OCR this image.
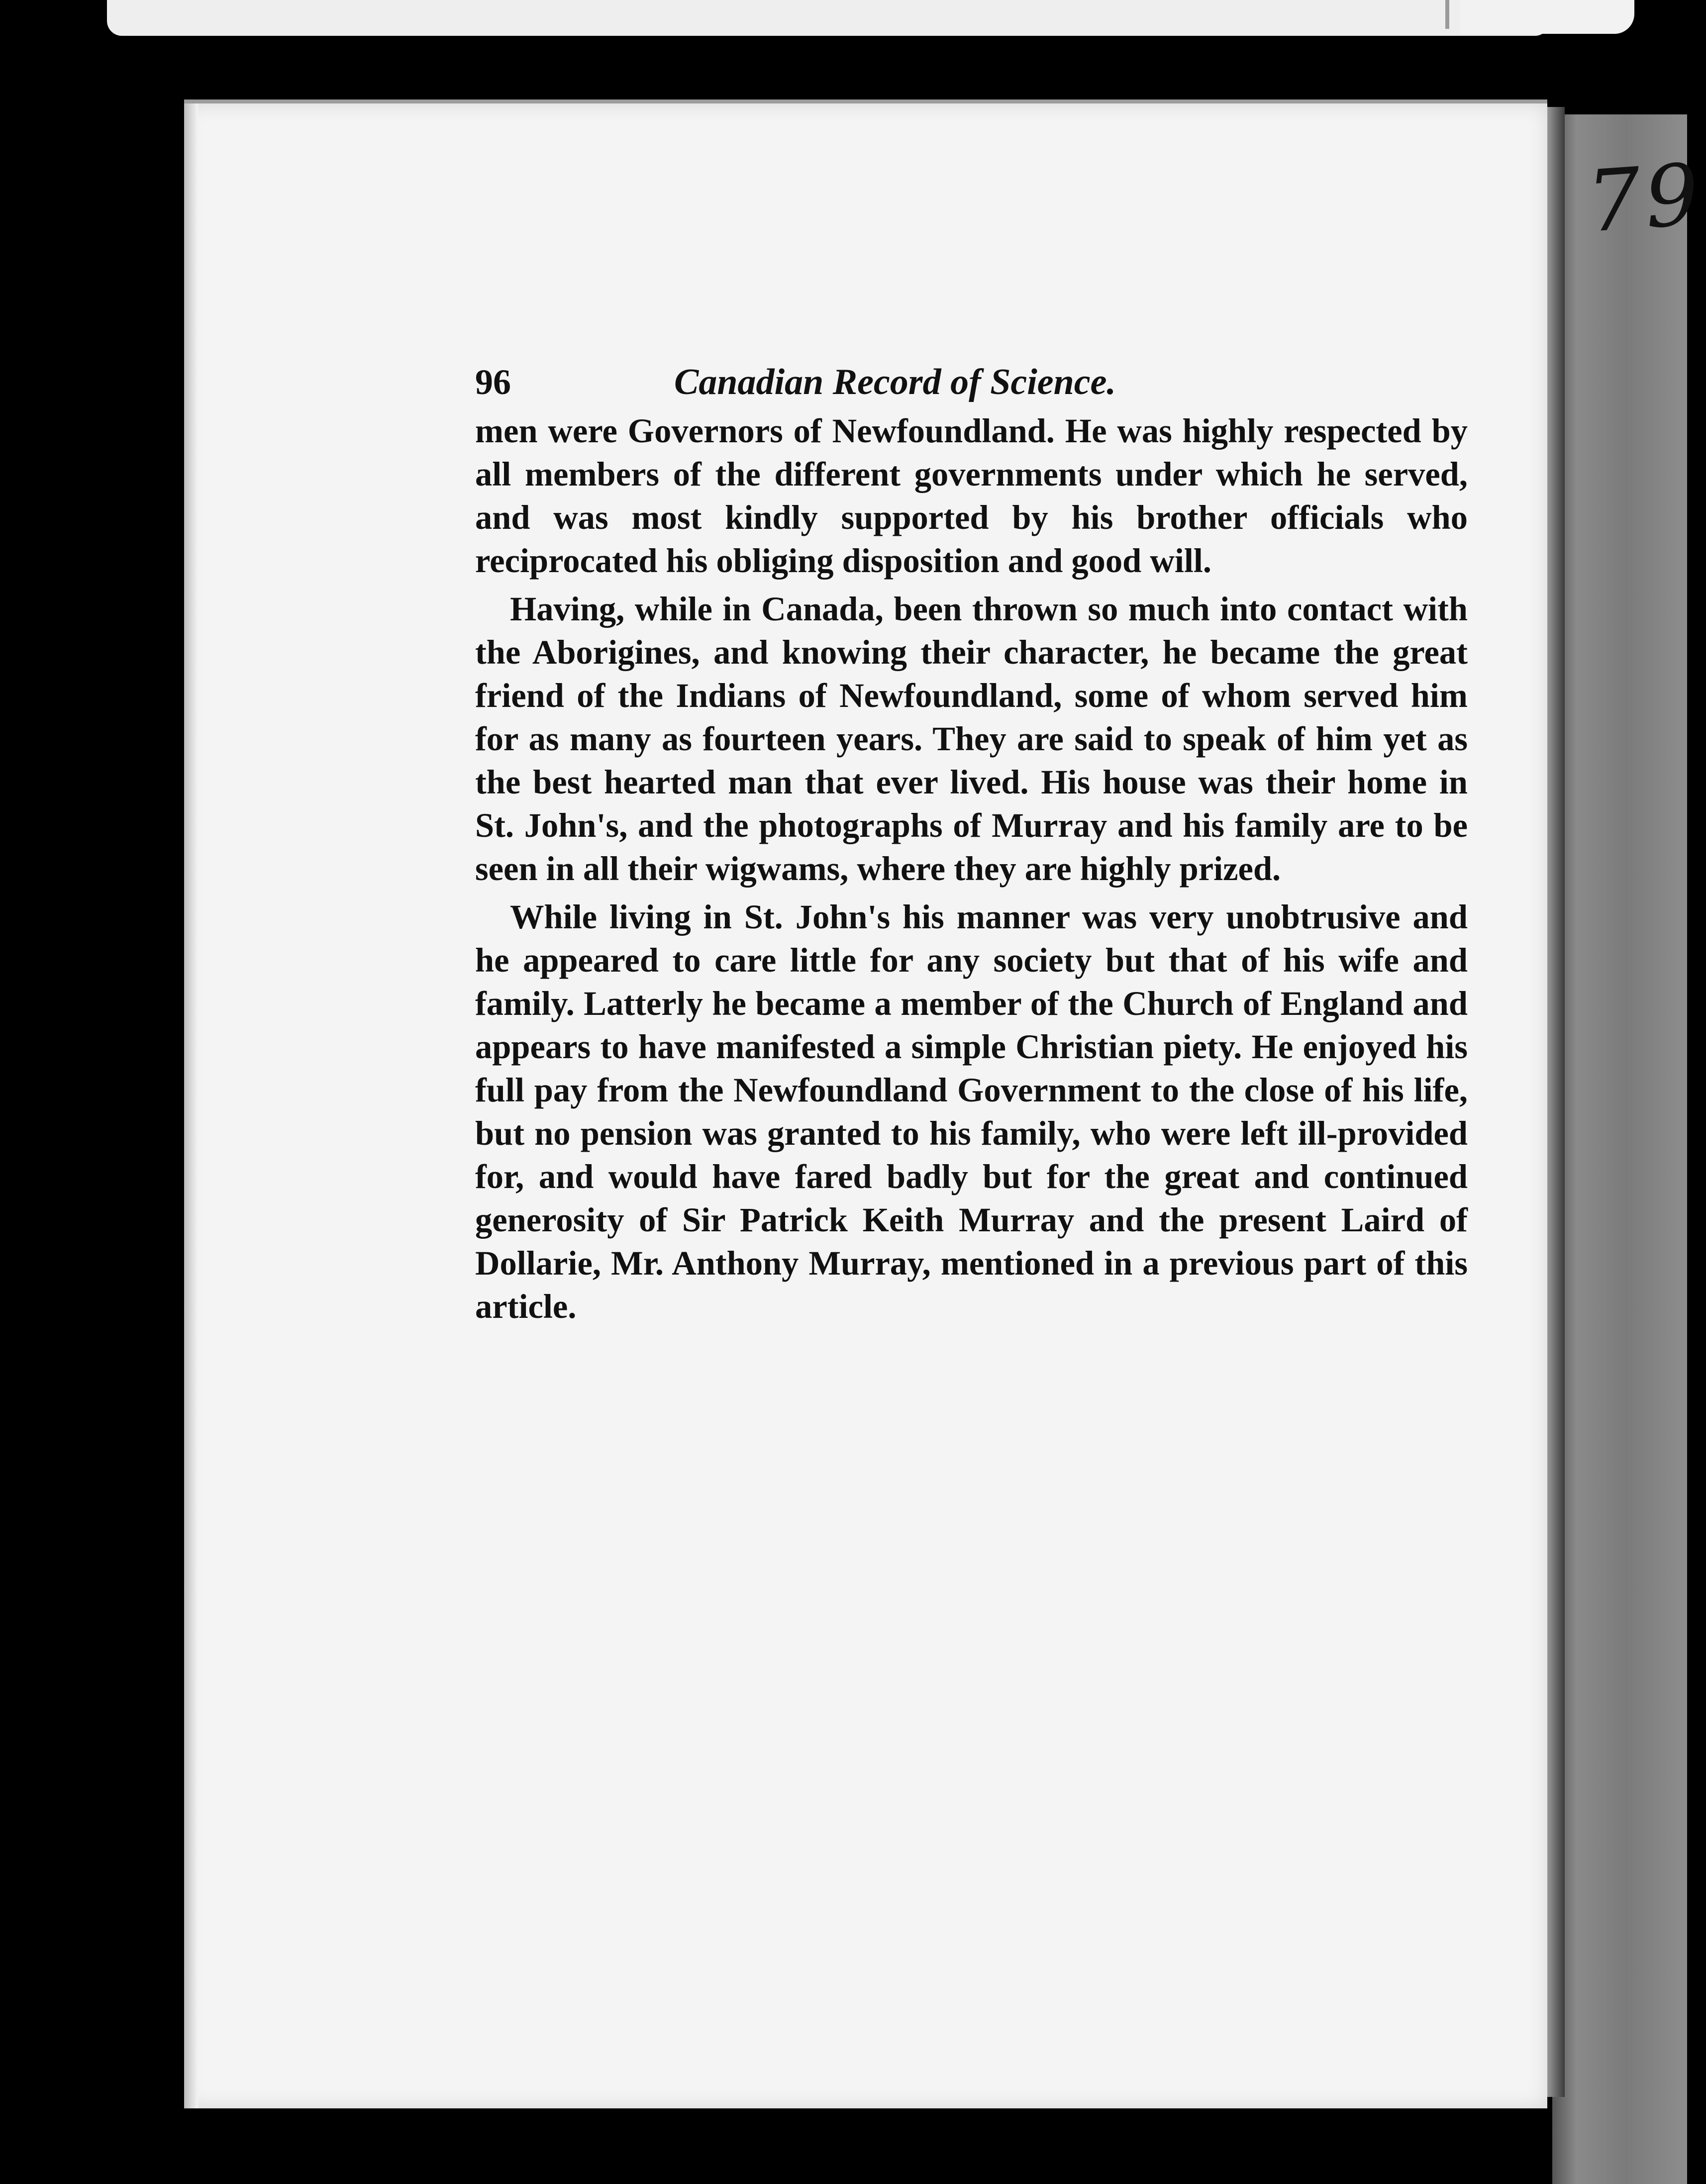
79
96	Canadian Record of Science.

men were Governors of Newfoundland. He was highly respected by all members of the different governments under which he served, and was most kindly supported by his brother officials who reciprocated his obliging disposition and good will.

Having, while in Canada, been thrown so much into contact with the Aborigines, and knowing their character, he became the great friend of the Indians of Newfoundland, some of whom served him for as many as fourteen years. They are said to speak of him yet as the best hearted man that ever lived. His house was their home in St. John's, and the photographs of Murray and his family are to be seen in all their wigwams, where they are highly prized.

While living in St. John's his manner was very unobtrusive and he appeared to care little for any society but that of his wife and family. Latterly he became a member of the Church of England and appears to have manifested a simple Christian piety. He enjoyed his full pay from the Newfoundland Government to the close of his life, but no pension was granted to his family, who were left ill-provided for, and would have fared badly but for the great and continued generosity of Sir Patrick Keith Murray and the present Laird of Dollarie, Mr. Anthony Murray, mentioned in a previous part of this article.
